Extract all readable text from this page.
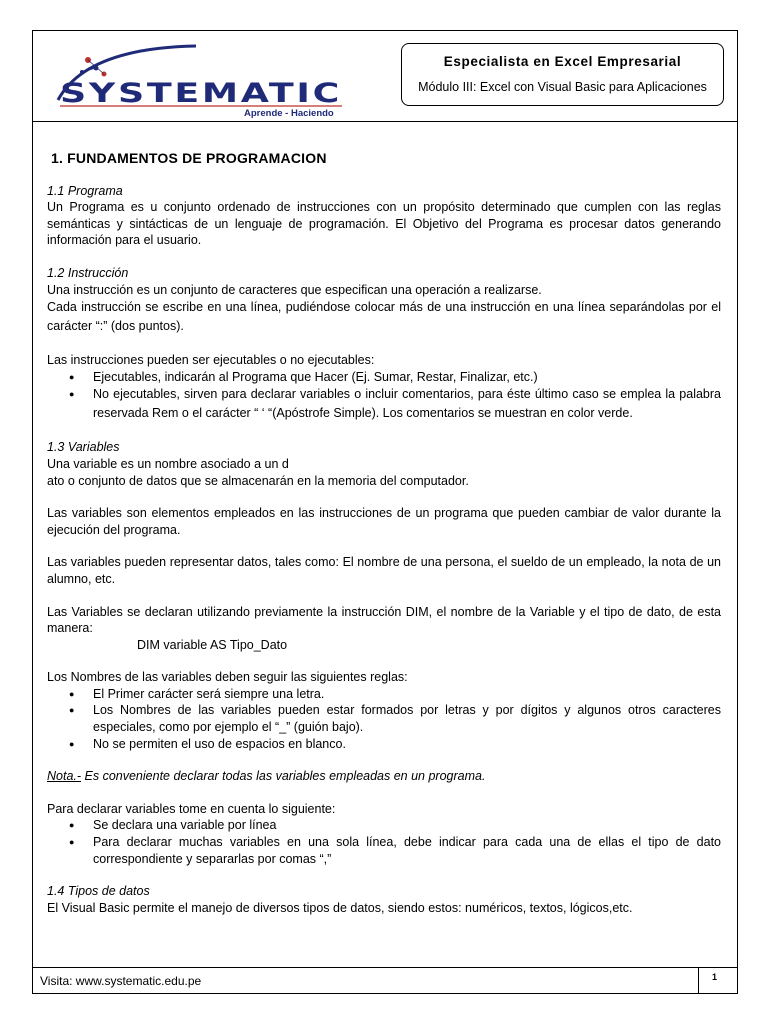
SYSTEMATIC
Aprende - Haciendo
Especialista en Excel Empresarial
Módulo III: Excel con Visual Basic para Aplicaciones

1. FUNDAMENTOS DE PROGRAMACION

1.1 Programa

Un Programa es u conjunto ordenado de instrucciones con un propósito determinado que cumplen con las reglas semánticas y sintácticas de un lenguaje de programación. El Objetivo del Programa es procesar datos generando información para el usuario.

1.2 Instrucción

Una instrucción es un conjunto de caracteres que especifican una operación a realizarse.

Cada instrucción se escribe en una línea, pudiéndose colocar más de una instrucción en una línea separándolas por el carácter “:” (dos puntos).

Las instrucciones pueden ser ejecutables o no ejecutables:

● Ejecutables, indicarán al Programa que Hacer (Ej. Sumar, Restar, Finalizar, etc.)
● No ejecutables, sirven para declarar variables o incluir comentarios, para éste último caso se emplea la palabra reservada Rem o el carácter “ ‘ “(Apóstrofe Simple). Los comentarios se muestran en color verde.

1.3 Variables

Una variable es un nombre asociado a un d

ato o conjunto de datos que se almacenarán en la memoria del computador.

Las variables son elementos empleados en las instrucciones de un programa que pueden cambiar de valor durante la ejecución del programa.

Las variables pueden representar datos, tales como: El nombre de una persona, el sueldo de un empleado, la nota de un alumno, etc.

Las Variables se declaran utilizando previamente la instrucción DIM, el nombre de la Variable y el tipo de dato, de esta manera:

DIM variable AS Tipo_Dato

Los Nombres de las variables deben seguir las siguientes reglas:

● El Primer carácter será siempre una letra.
● Los Nombres de las variables pueden estar formados por letras y por dígitos y algunos otros caracteres especiales, como por ejemplo el “_” (guión bajo).
● No se permiten el uso de espacios en blanco.

Nota.- Es conveniente declarar todas las variables empleadas en un programa.

Para declarar variables tome en cuenta lo siguiente:

● Se declara una variable por línea
● Para declarar muchas variables en una sola línea, debe indicar para cada una de ellas el tipo de dato correspondiente y separarlas por comas “,”

1.4 Tipos de datos

El Visual Basic permite el manejo de diversos tipos de datos, siendo estos: numéricos, textos, lógicos,etc.

Visita: www.systematic.edu.pe	1
